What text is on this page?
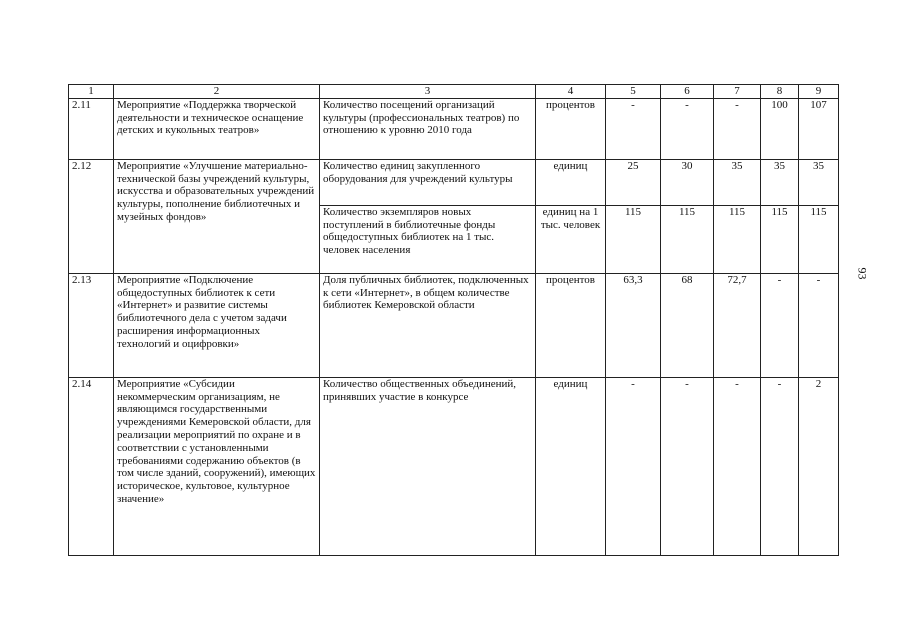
1	2	3	4	5	6	7	8	9
2.11	Мероприятие «Поддержка творческой деятельности и техническое оснащение детских и кукольных театров»	Количество посещений организаций культуры (профессиональных театров) по отношению к уровню 2010 года	процентов	-	-	-	100	107
2.12	Мероприятие «Улучшение материально-технической базы учреждений культуры, искусства и образовательных учреждений культуры, пополнение библиотечных и музейных фондов»	Количество единиц закупленного оборудования для учреждений культуры	единиц	25	30	35	35	35
		Количество экземпляров новых поступлений в библиотечные фонды общедоступных библиотек на 1 тыс. человек населения	единиц на 1 тыс. человек	115	115	115	115	115
2.13	Мероприятие «Подключение общедоступных библиотек к сети «Интернет» и развитие системы библиотечного дела с учетом задачи расширения информационных технологий и оцифровки»	Доля публичных библиотек, подключенных к сети «Интернет», в общем количестве библиотек Кемеровской области	процентов	63,3	68	72,7	-	-
2.14	Мероприятие «Субсидии некоммерческим организациям, не являющимся государственными учреждениями Кемеровской области, для реализации мероприятий по охране и в соответствии с установленными требованиями содержанию объектов (в том числе зданий, сооружений), имеющих историческое, культовое, культурное значение»	Количество общественных объединений, принявших участие в конкурсе	единиц	-	-	-	-	2
93
